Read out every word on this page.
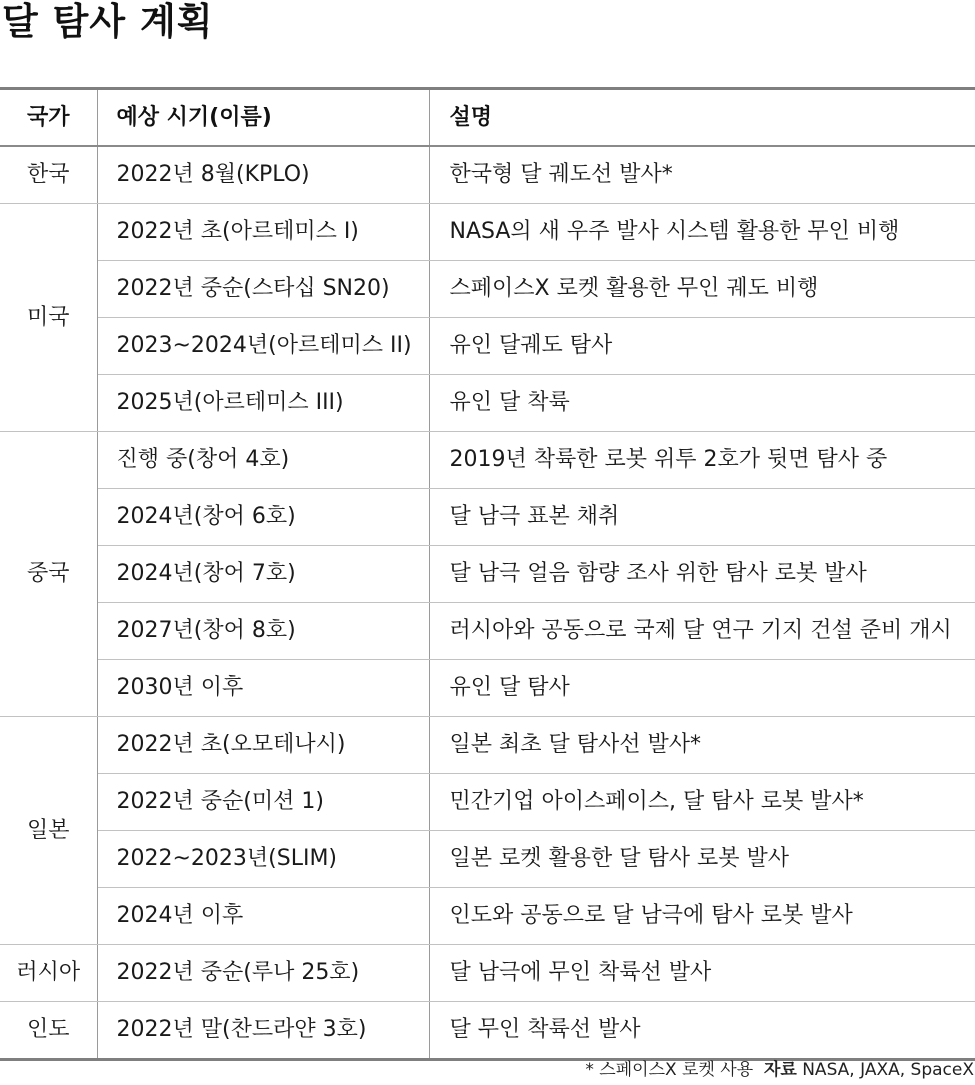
달 탐사 계획
국가	예상 시기(이름)	설명
한국	2022년 8월(KPLO)	한국형 달 궤도선 발사*
미국	2022년 초(아르테미스 I)	NASA의 새 우주 발사 시스템 활용한 무인 비행
	2022년 중순(스타십 SN20)	스페이스X 로켓 활용한 무인 궤도 비행
	2023~2024년(아르테미스 II)	유인 달궤도 탐사
	2025년(아르테미스 III)	유인 달 착륙
중국	진행 중(창어 4호)	2019년 착륙한 로봇 위투 2호가 뒷면 탐사 중
	2024년(창어 6호)	달 남극 표본 채취
	2024년(창어 7호)	달 남극 얼음 함량 조사 위한 탐사 로봇 발사
	2027년(창어 8호)	러시아와 공동으로 국제 달 연구 기지 건설 준비 개시
	2030년 이후	유인 달 탐사
일본	2022년 초(오모테나시)	일본 최초 달 탐사선 발사*
	2022년 중순(미션 1)	민간기업 아이스페이스, 달 탐사 로봇 발사*
	2022~2023년(SLIM)	일본 로켓 활용한 달 탐사 로봇 발사
	2024년 이후	인도와 공동으로 달 남극에 탐사 로봇 발사
러시아	2022년 중순(루나 25호)	달 남극에 무인 착륙선 발사
인도	2022년 말(찬드라얀 3호)	달 무인 착륙선 발사
* 스페이스X 로켓 사용 자료 NASA, JAXA, SpaceX
